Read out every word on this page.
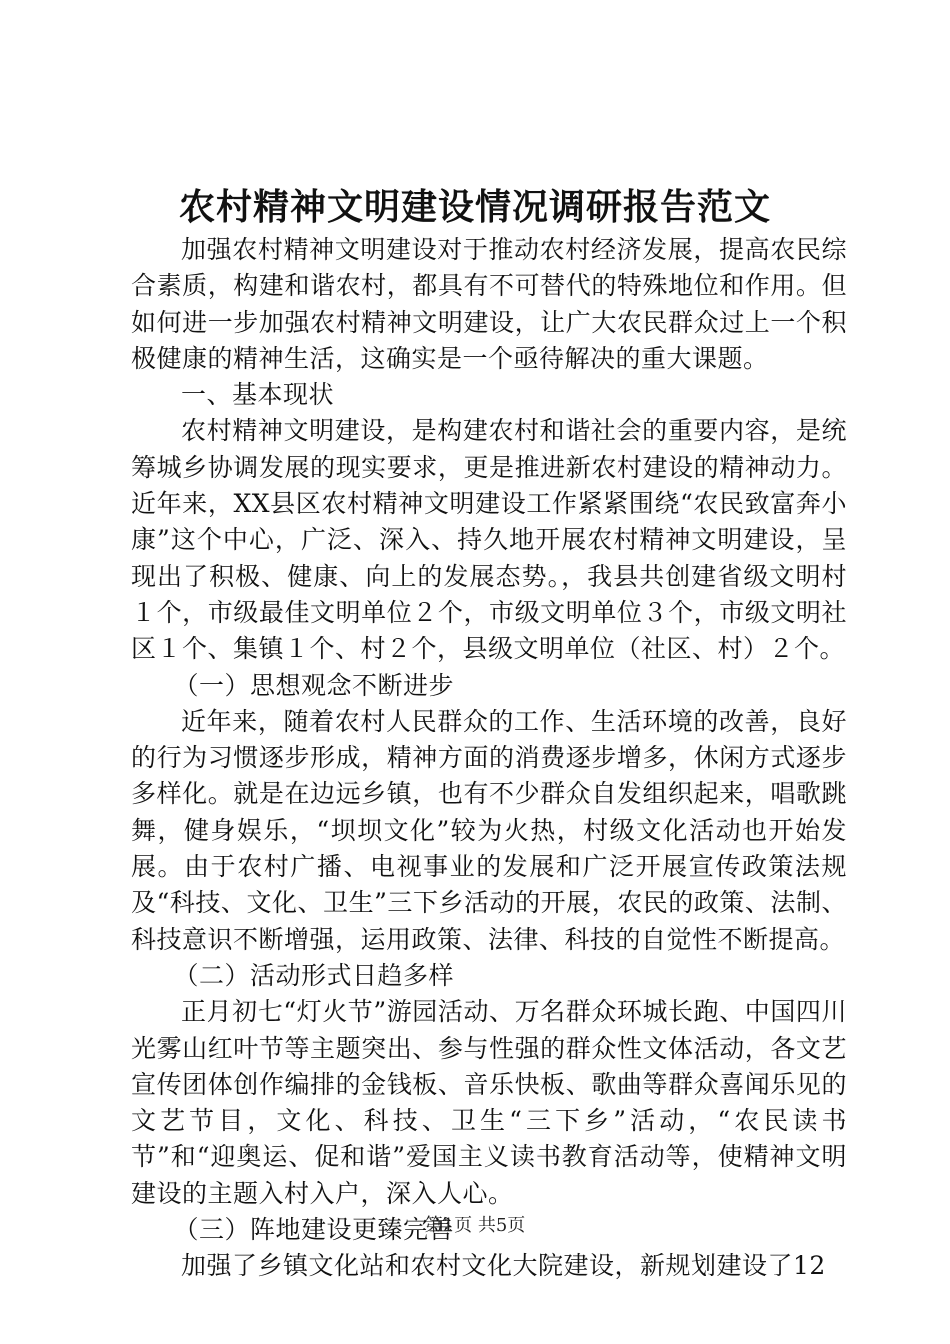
农村精神文明建设情况调研报告范文

加强农村精神文明建设对于推动农村经济发展，提高农民综合素质，构建和谐农村，都具有不可替代的特殊地位和作用。但如何进一步加强农村精神文明建设，让广大农民群众过上一个积极健康的精神生活，这确实是一个亟待解决的重大课题。

一、基本现状

农村精神文明建设，是构建农村和谐社会的重要内容，是统筹城乡协调发展的现实要求，更是推进新农村建设的精神动力。近年来，XX县区农村精神文明建设工作紧紧围绕“农民致富奔小康”这个中心，广泛、深入、持久地开展农村精神文明建设，呈现出了积极、健康、向上的发展态势。，我县共创建省级文明村１个，市级最佳文明单位２个，市级文明单位３个，市级文明社区１个、集镇１个、村２个，县级文明单位（社区、村）２个。

（一）思想观念不断进步

近年来，随着农村人民群众的工作、生活环境的改善，良好的行为习惯逐步形成，精神方面的消费逐步增多，休闲方式逐步多样化。就是在边远乡镇，也有不少群众自发组织起来，唱歌跳舞，健身娱乐，“坝坝文化”较为火热，村级文化活动也开始发展。由于农村广播、电视事业的发展和广泛开展宣传政策法规及“科技、文化、卫生”三下乡活动的开展，农民的政策、法制、科技意识不断增强，运用政策、法律、科技的自觉性不断提高。

（二）活动形式日趋多样

正月初七“灯火节”游园活动、万名群众环城长跑、中国四川光雾山红叶节等主题突出、参与性强的群众性文体活动，各文艺宣传团体创作编排的金钱板、音乐快板、歌曲等群众喜闻乐见的文艺节目，文化、科技、卫生“三下乡”活动，“农民读书节”和“迎奥运、促和谐”爱国主义读书教育活动等，使精神文明建设的主题入村入户，深入人心。

（三）阵地建设更臻完善

加强了乡镇文化站和农村文化大院建设，新规划建设了12

第1页 共5页
